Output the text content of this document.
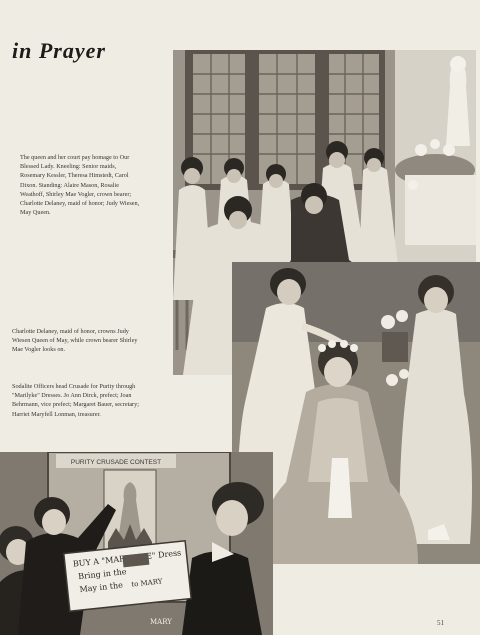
in Prayer
PURITY CRUSADE CONTEST
BUY A Dress
Bring in the
May in the to MARY
MARY
The queen and her court pay homage to Our Blessed Lady. Kneeling: Senior maids, Rosemary Kessler, Theresa Himstedt, Carol Dixon. Standing: Alaire Mason, Rosalie Weathoff, Shirley Mae Vogler, crown bearer; Charlotte Delaney, maid of honor; Judy Wiesen, May Queen.
Charlotte Delaney, maid of honor, crowns Judy Wiesen Queen of May, while crown bearer Shirley Mae Vogler looks on.
Sodalite Officers head Crusade for Purity through "Marilyke" Dresses. Jo Ann Dirck, prefect; Joan Behrmann, vice prefect; Margaret Bauer, secretary; Harriet Maryfell Lonman, treasurer.
51
